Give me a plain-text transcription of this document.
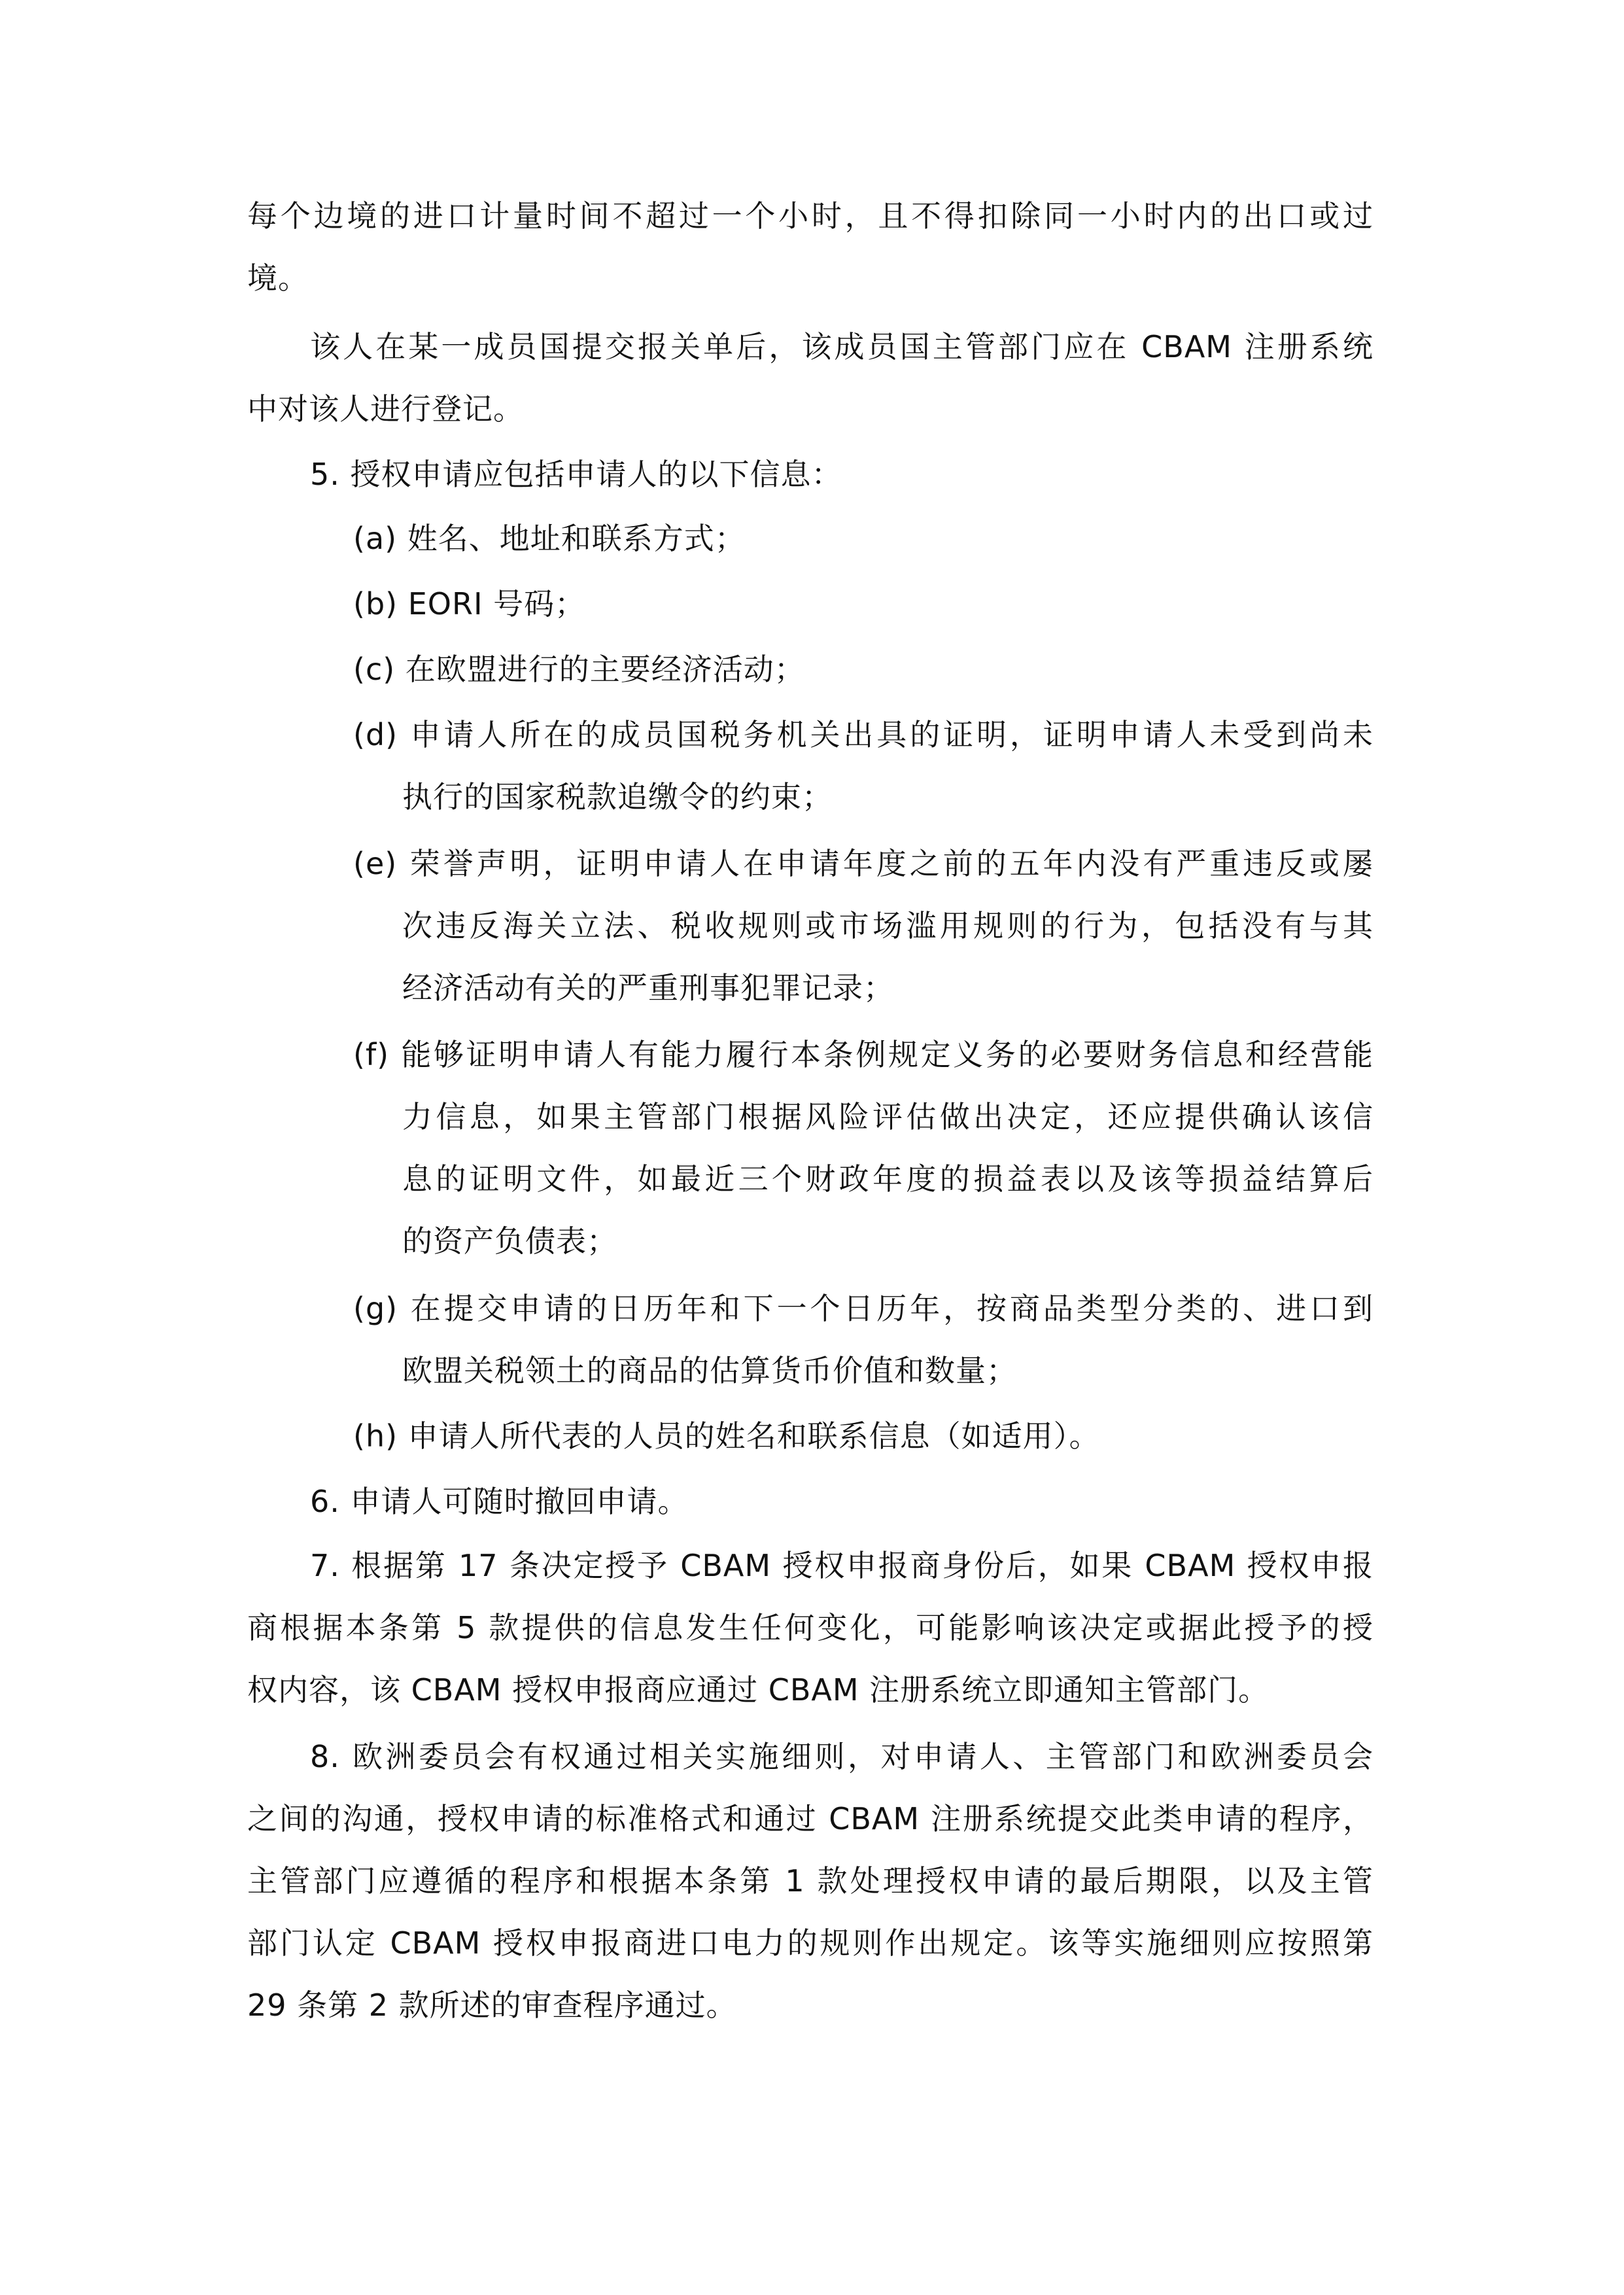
每个边境的进口计量时间不超过一个小时，且不得扣除同一小时内的出口或过
境。
该人在某一成员国提交报关单后，该成员国主管部门应在 CBAM 注册系统
中对该人进行登记。
5. 授权申请应包括申请人的以下信息：
(a) 姓名、地址和联系方式；
(b) EORI 号码；
(c) 在欧盟进行的主要经济活动；
(d) 申请人所在的成员国税务机关出具的证明，证明申请人未受到尚未
执行的国家税款追缴令的约束；
(e) 荣誉声明，证明申请人在申请年度之前的五年内没有严重违反或屡
次违反海关立法、税收规则或市场滥用规则的行为，包括没有与其
经济活动有关的严重刑事犯罪记录；
(f) 能够证明申请人有能力履行本条例规定义务的必要财务信息和经营能
力信息，如果主管部门根据风险评估做出决定，还应提供确认该信
息的证明文件，如最近三个财政年度的损益表以及该等损益结算后
的资产负债表；
(g) 在提交申请的日历年和下一个日历年，按商品类型分类的、进口到
欧盟关税领土的商品的估算货币价值和数量；
(h) 申请人所代表的人员的姓名和联系信息（如适用）。
6. 申请人可随时撤回申请。
7. 根据第 17 条决定授予 CBAM 授权申报商身份后，如果 CBAM 授权申报
商根据本条第 5 款提供的信息发生任何变化，可能影响该决定或据此授予的授
权内容，该 CBAM 授权申报商应通过 CBAM 注册系统立即通知主管部门。
8. 欧洲委员会有权通过相关实施细则，对申请人、主管部门和欧洲委员会
之间的沟通，授权申请的标准格式和通过 CBAM 注册系统提交此类申请的程序，
主管部门应遵循的程序和根据本条第 1 款处理授权申请的最后期限，以及主管
部门认定 CBAM 授权申报商进口电力的规则作出规定。该等实施细则应按照第
29 条第 2 款所述的审查程序通过。
